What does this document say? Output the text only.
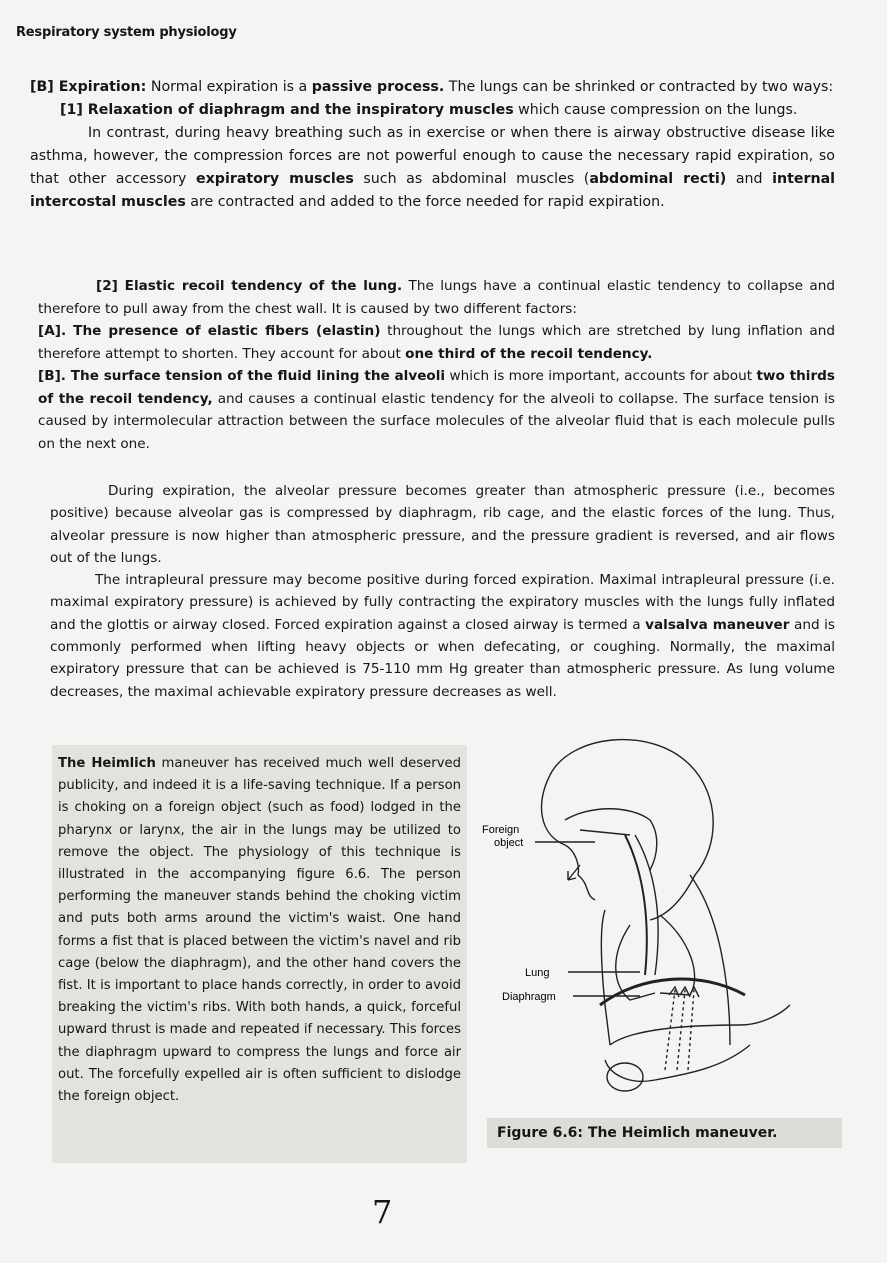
Respiratory system physiology

[B] Expiration: Normal expiration is a passive process. The lungs can be shrinked or contracted by two ways:

[1] Relaxation of diaphragm and the inspiratory muscles which cause compression on the lungs.

In contrast, during heavy breathing such as in exercise or when there is airway obstructive disease like asthma, however, the compression forces are not powerful enough to cause the necessary rapid expiration, so that other accessory expiratory muscles such as abdominal muscles (abdominal recti) and internal intercostal muscles are contracted and added to the force needed for rapid expiration.

[2] Elastic recoil tendency of the lung. The lungs have a continual elastic tendency to collapse and therefore to pull away from the chest wall. It is caused by two different factors:

[A]. The presence of elastic fibers (elastin) throughout the lungs which are stretched by lung inflation and therefore attempt to shorten. They account for about one third of the recoil tendency.

[B]. The surface tension of the fluid lining the alveoli which is more important, accounts for about two thirds of the recoil tendency, and causes a continual elastic tendency for the alveoli to collapse. The surface tension is caused by intermolecular attraction between the surface molecules of the alveolar fluid that is each molecule pulls on the next one.

During expiration, the alveolar pressure becomes greater than atmospheric pressure (i.e., becomes positive) because alveolar gas is compressed by diaphragm, rib cage, and the elastic forces of the lung. Thus, alveolar pressure is now higher than atmospheric pressure, and the pressure gradient is reversed, and air flows out of the lungs.

The intrapleural pressure may become positive during forced expiration. Maximal intrapleural pressure (i.e. maximal expiratory pressure) is achieved by fully contracting the expiratory muscles with the lungs fully inflated and the glottis or airway closed. Forced expiration against a closed airway is termed a valsalva maneuver and is commonly performed when lifting heavy objects or when defecating, or coughing. Normally, the maximal expiratory pressure that can be achieved is 75-110 mm Hg greater than atmospheric pressure. As lung volume decreases, the maximal achievable expiratory pressure decreases as well.

The Heimlich maneuver has received much well deserved publicity, and indeed it is a life-saving technique. If a person is choking on a foreign object (such as food) lodged in the pharynx or larynx, the air in the lungs may be utilized to remove the object. The physiology of this technique is illustrated in the accompanying figure 6.6. The person performing the maneuver stands behind the choking victim and puts both arms around the victim's waist. One hand forms a fist that is placed between the victim's navel and rib cage (below the diaphragm), and the other hand covers the fist. It is important to place hands correctly, in order to avoid breaking the victim's ribs. With both hands, a quick, forceful upward thrust is made and repeated if necessary. This forces the diaphragm upward to compress the lungs and force air out. The forcefully expelled air is often sufficient to dislodge the foreign object.
Foreign
object
Lung
Diaphragm
Figure 6.6: The Heimlich maneuver.
7
